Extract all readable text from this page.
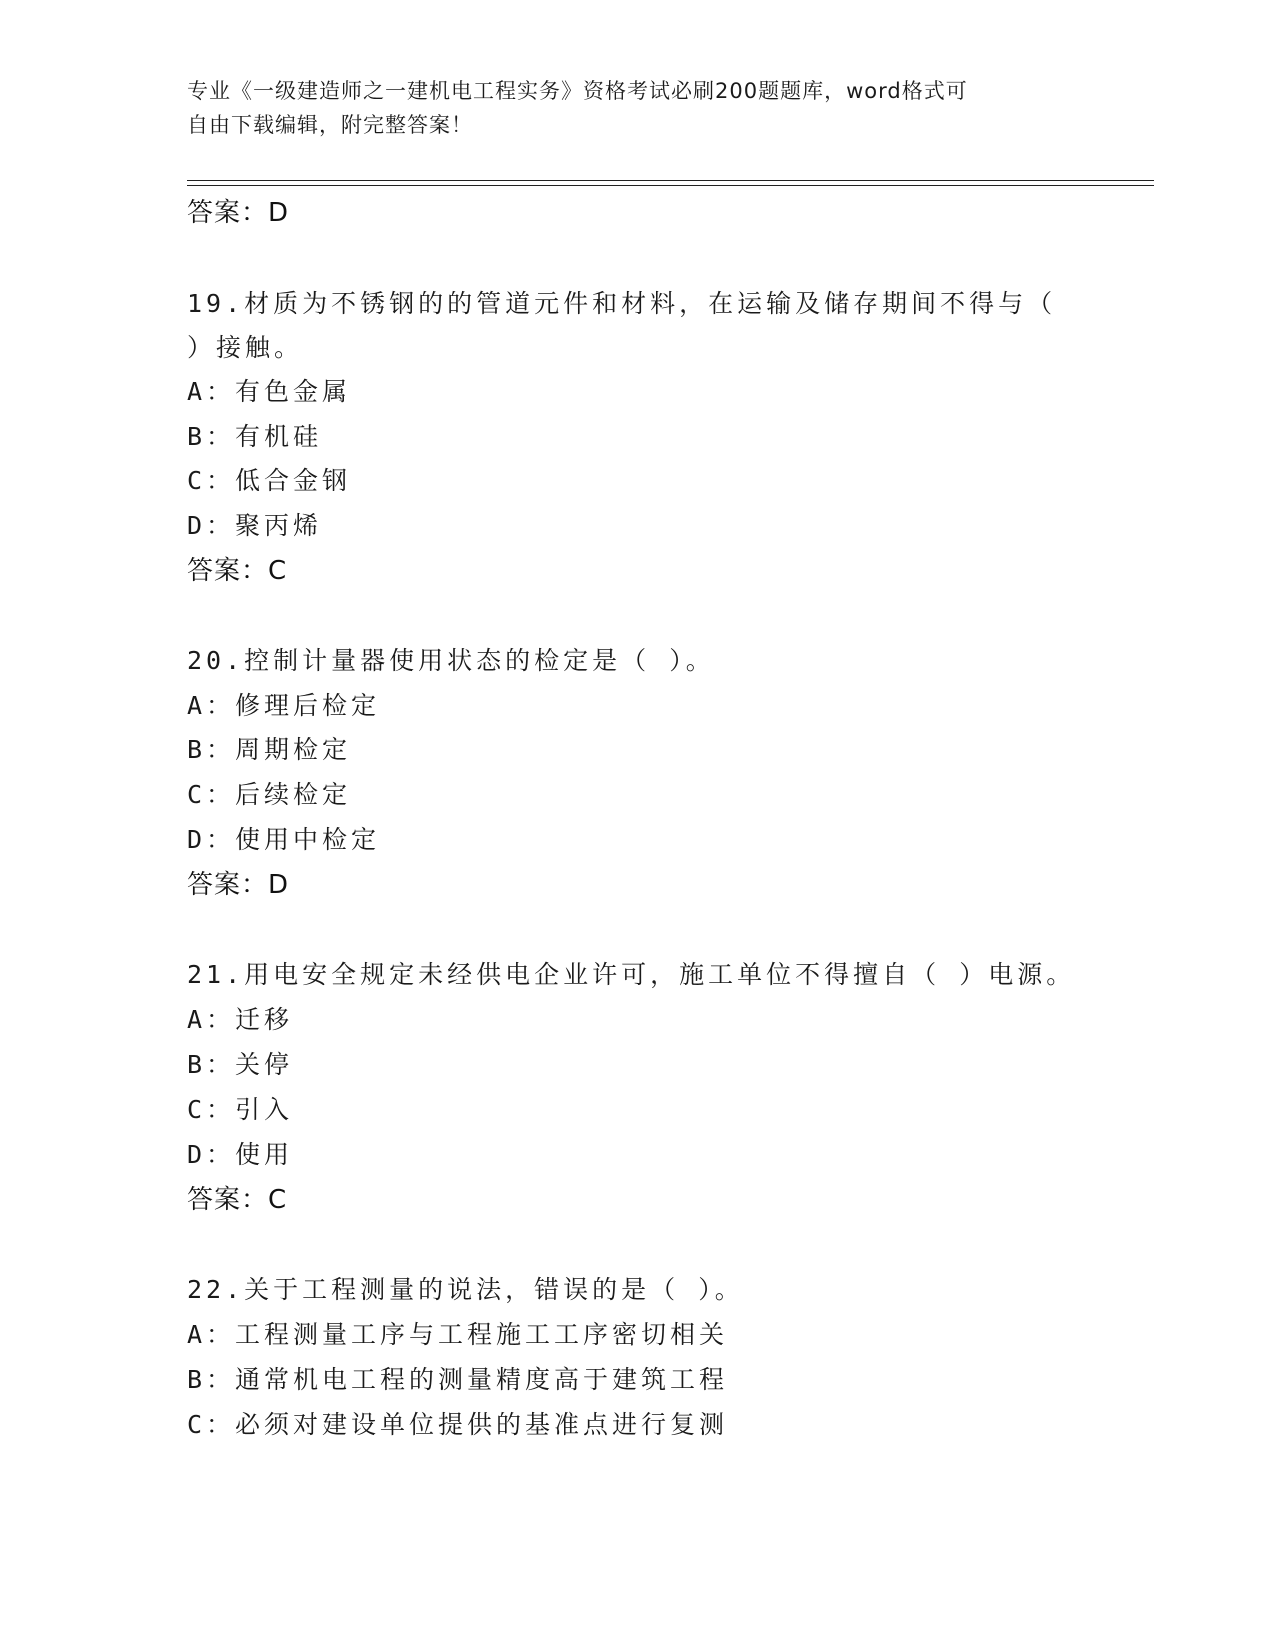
专业《一级建造师之一建机电工程实务》资格考试必刷200题题库，word格式可
自由下载编辑，附完整答案！
答案：D
19.材质为不锈钢的的管道元件和材料，在运输及储存期间不得与（
）接触。
A：有色金属
B：有机硅
C：低合金钢
D：聚丙烯
答案：C
20.控制计量器使用状态的检定是（ ）。
A：修理后检定
B：周期检定
C：后续检定
D：使用中检定
答案：D
21.用电安全规定未经供电企业许可，施工单位不得擅自（ ）电源。
A：迁移
B：关停
C：引入
D：使用
答案：C
22.关于工程测量的说法，错误的是（ ）。
A：工程测量工序与工程施工工序密切相关
B：通常机电工程的测量精度高于建筑工程
C：必须对建设单位提供的基准点进行复测
